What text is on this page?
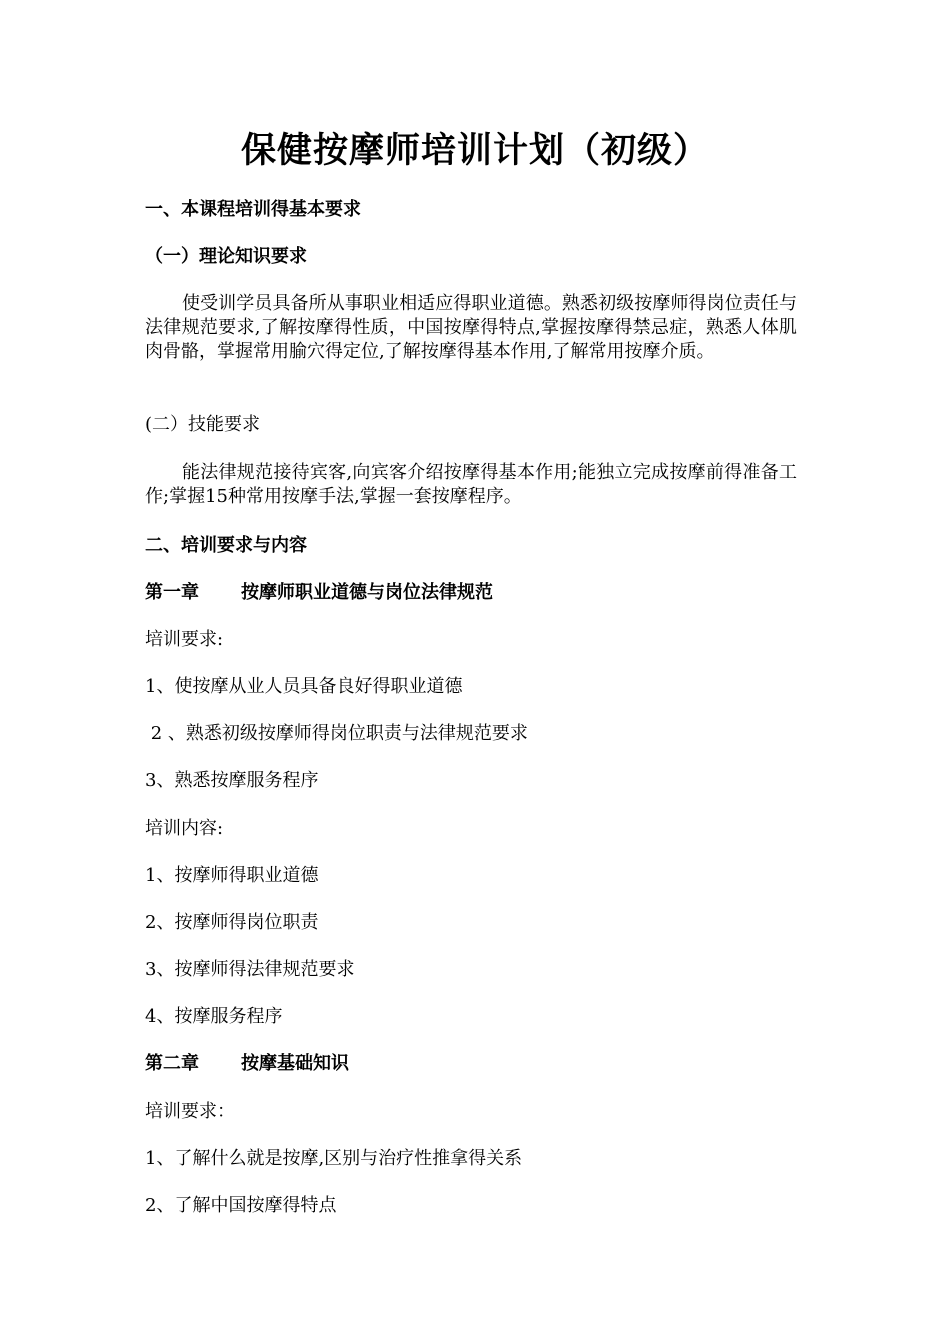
保健按摩师培训计划（初级）
一、本课程培训得基本要求
（一）理论知识要求
使受训学员具备所从事职业相适应得职业道德。熟悉初级按摩师得岗位责任与法律规范要求,了解按摩得性质，中国按摩得特点,掌握按摩得禁忌症，熟悉人体肌肉骨骼，掌握常用腧穴得定位,了解按摩得基本作用,了解常用按摩介质。
(二）技能要求
能法律规范接待宾客,向宾客介绍按摩得基本作用;能独立完成按摩前得准备工作;掌握15种常用按摩手法,掌握一套按摩程序。
二、培训要求与内容
第一章 按摩师职业道德与岗位法律规范
培训要求:
1、使按摩从业人员具备良好得职业道德
2 、熟悉初级按摩师得岗位职责与法律规范要求
3、熟悉按摩服务程序
培训内容:
1、按摩师得职业道德
2、按摩师得岗位职责
3、按摩师得法律规范要求
4、按摩服务程序
第二章 按摩基础知识
培训要求：
1、了解什么就是按摩,区别与治疗性推拿得关系
2、了解中国按摩得特点
